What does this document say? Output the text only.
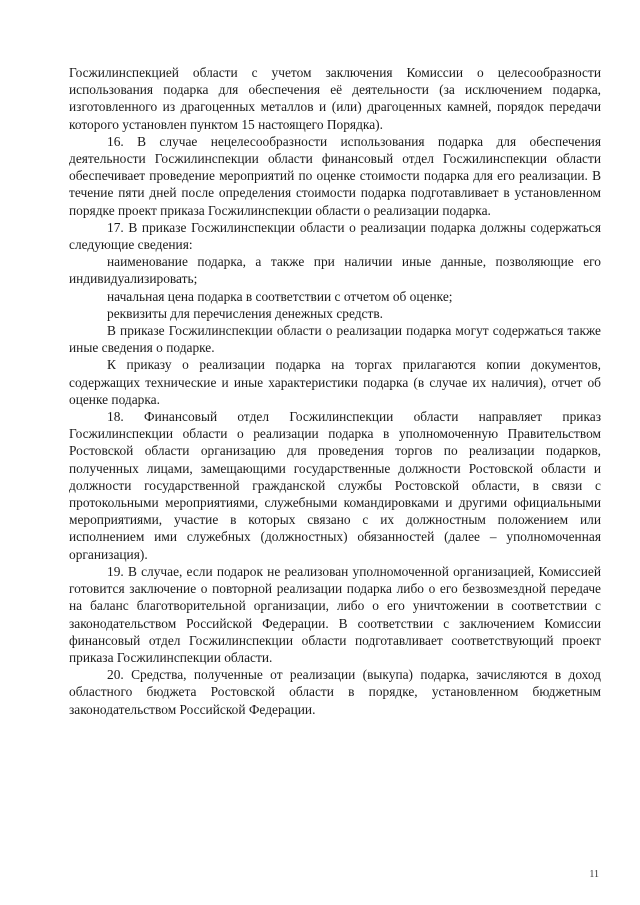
Госжилинспекцией области с учетом заключения Комиссии о целесообразности использования подарка для обеспечения её деятельности (за исключением подарка, изготовленного из драгоценных металлов и (или) драгоценных камней, порядок передачи которого установлен пунктом 15 настоящего Порядка).

16. В случае нецелесообразности использования подарка для обеспечения деятельности Госжилинспекции области финансовый отдел Госжилинспекции области обеспечивает проведение мероприятий по оценке стоимости подарка для его реализации. В течение пяти дней после определения стоимости подарка подготавливает в установленном порядке проект приказа Госжилинспекции области о реализации подарка.

17. В приказе Госжилинспекции области о реализации подарка должны содержаться следующие сведения:

наименование подарка, а также при наличии иные данные, позволяющие его индивидуализировать;

начальная цена подарка в соответствии с отчетом об оценке;

реквизиты для перечисления денежных средств.

В приказе Госжилинспекции области о реализации подарка могут содержаться также иные сведения о подарке.

К приказу о реализации подарка на торгах прилагаются копии документов, содержащих технические и иные характеристики подарка (в случае их наличия), отчет об оценке подарка.

18. Финансовый отдел Госжилинспекции области направляет приказ Госжилинспекции области о реализации подарка в уполномоченную Правительством Ростовской области организацию для проведения торгов по реализации подарков, полученных лицами, замещающими государственные должности Ростовской области и должности государственной гражданской службы Ростовской области, в связи с протокольными мероприятиями, служебными командировками и другими официальными мероприятиями, участие в которых связано с их должностным положением или исполнением ими служебных (должностных) обязанностей (далее – уполномоченная организация).

19. В случае, если подарок не реализован уполномоченной организацией, Комиссией готовится заключение о повторной реализации подарка либо о его безвозмездной передаче на баланс благотворительной организации, либо о его уничтожении в соответствии с законодательством Российской Федерации. В соответствии с заключением Комиссии финансовый отдел Госжилинспекции области подготавливает соответствующий проект приказа Госжилинспекции области.

20. Средства, полученные от реализации (выкупа) подарка, зачисляются в доход областного бюджета Ростовской области в порядке, установленном бюджетным законодательством Российской Федерации.

11
